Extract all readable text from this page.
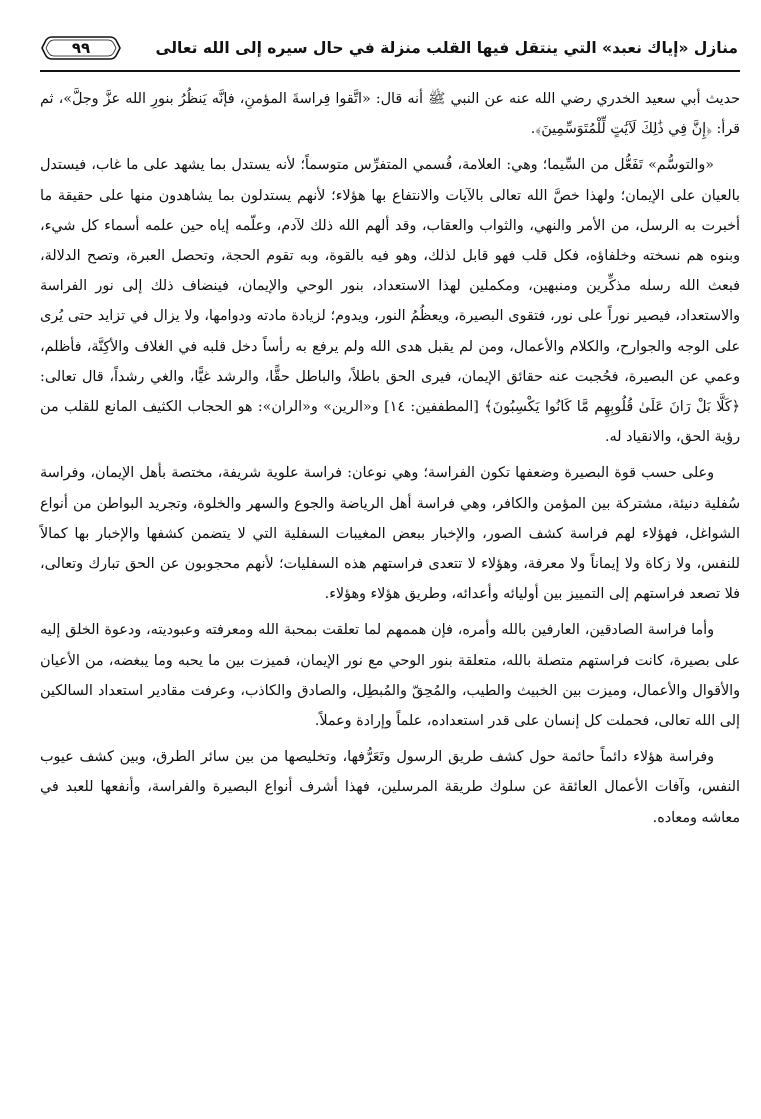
منازل «إياك نعبد» التي ينتقل فيها القلب منزلة في حال سيره إلى الله تعالى
٩٩

حديث أبي سعيد الخدري رضي الله عنه عن النبي ﷺ أنه قال: «اتَّقوا فِراسةَ المؤمنِ، فإنَّه يَنظُرُ بنورِ الله عزَّ وجلَّ»، ثم قرأ: ﴿إِنَّ فِي ذَٰلِكَ لَآيَٰتٍ لِّلْمُتَوَسِّمِينَ﴾.

«والتوسُّم» تَفَعُّل من السِّيما؛ وهي: العلامة، فُسمي المتفرِّس متوسماً؛ لأنه يستدل بما يشهد على ما غاب، فيستدل بالعيان على الإيمان؛ ولهذا خصَّ الله تعالى بالآيات والانتفاع بها هؤلاء؛ لأنهم يستدلون بما يشاهدون منها على حقيقة ما أخبرت به الرسل، من الأمر والنهي، والثواب والعقاب، وقد ألهم الله ذلك لآدم، وعلّمه إياه حين علمه أسماء كل شيء، وبنوه هم نسخته وخلفاؤه، فكل قلب فهو قابل لذلك، وهو فيه بالقوة، وبه تقوم الحجة، وتحصل العبرة، وتصح الدلالة، فبعث الله رسله مذكِّرين ومنبهين، ومكملين لهذا الاستعداد، بنور الوحي والإيمان، فينضاف ذلك إلى نور الفراسة والاستعداد، فيصير نوراً على نور، فتقوى البصيرة، ويعظُمُ النور، ويدوم؛ لزيادة مادته ودوامها، ولا يزال في تزايد حتى يُرى على الوجه والجوارح، والكلام والأعمال، ومن لم يقبل هدى الله ولم يرفع به رأساً دخل قلبه في الغلاف والأكِنَّة، فأظلم، وعمي عن البصيرة، فحُجبت عنه حقائق الإيمان، فيرى الحق باطلاً، والباطل حقًّا، والرشد غيًّا، والغي رشداً، قال تعالى: ﴿كَلَّا بَلْ رَانَ عَلَىٰ قُلُوبِهِم مَّا كَانُوا يَكْسِبُونَ﴾ [المطففين: ١٤] و«الرين» و«الران»: هو الحجاب الكثيف المانع للقلب من رؤية الحق، والانقياد له.

وعلى حسب قوة البصيرة وضعفها تكون الفراسة؛ وهي نوعان: فراسة علوية شريفة، مختصة بأهل الإيمان، وفراسة سُفلية دنيئة، مشتركة بين المؤمن والكافر، وهي فراسة أهل الرياضة والجوع والسهر والخلوة، وتجريد البواطن من أنواع الشواغل، فهؤلاء لهم فراسة كشف الصور، والإخبار ببعض المغيبات السفلية التي لا يتضمن كشفها والإخبار بها كمالاً للنفس، ولا زكاة ولا إيماناً ولا معرفة، وهؤلاء لا تتعدى فراستهم هذه السفليات؛ لأنهم محجوبون عن الحق تبارك وتعالى، فلا تصعد فراستهم إلى التمييز بين أوليائه وأعدائه، وطريق هؤلاء وهؤلاء.

وأما فراسة الصادقين، العارفين بالله وأمره، فإن هممهم لما تعلقت بمحبة الله ومعرفته وعبوديته، ودعوة الخلق إليه على بصيرة، كانت فراستهم متصلة بالله، متعلقة بنور الوحي مع نور الإيمان، فميزت بين ما يحبه وما يبغضه، من الأعيان والأقوال والأعمال، وميزت بين الخبيث والطيب، والمُحِقّ والمُبطِل، والصادق والكاذب، وعرفت مقادير استعداد السالكين إلى الله تعالى، فحملت كل إنسان على قدر استعداده، علماً وإرادة وعملاً.

وفراسة هؤلاء دائماً حائمة حول كشف طريق الرسول وتَعَرُّفها، وتخليصها من بين سائر الطرق، وبين كشف عيوب النفس، وآفات الأعمال العائقة عن سلوك طريقة المرسلين، فهذا أشرف أنواع البصيرة والفراسة، وأنفعها للعبد في معاشه ومعاده.
